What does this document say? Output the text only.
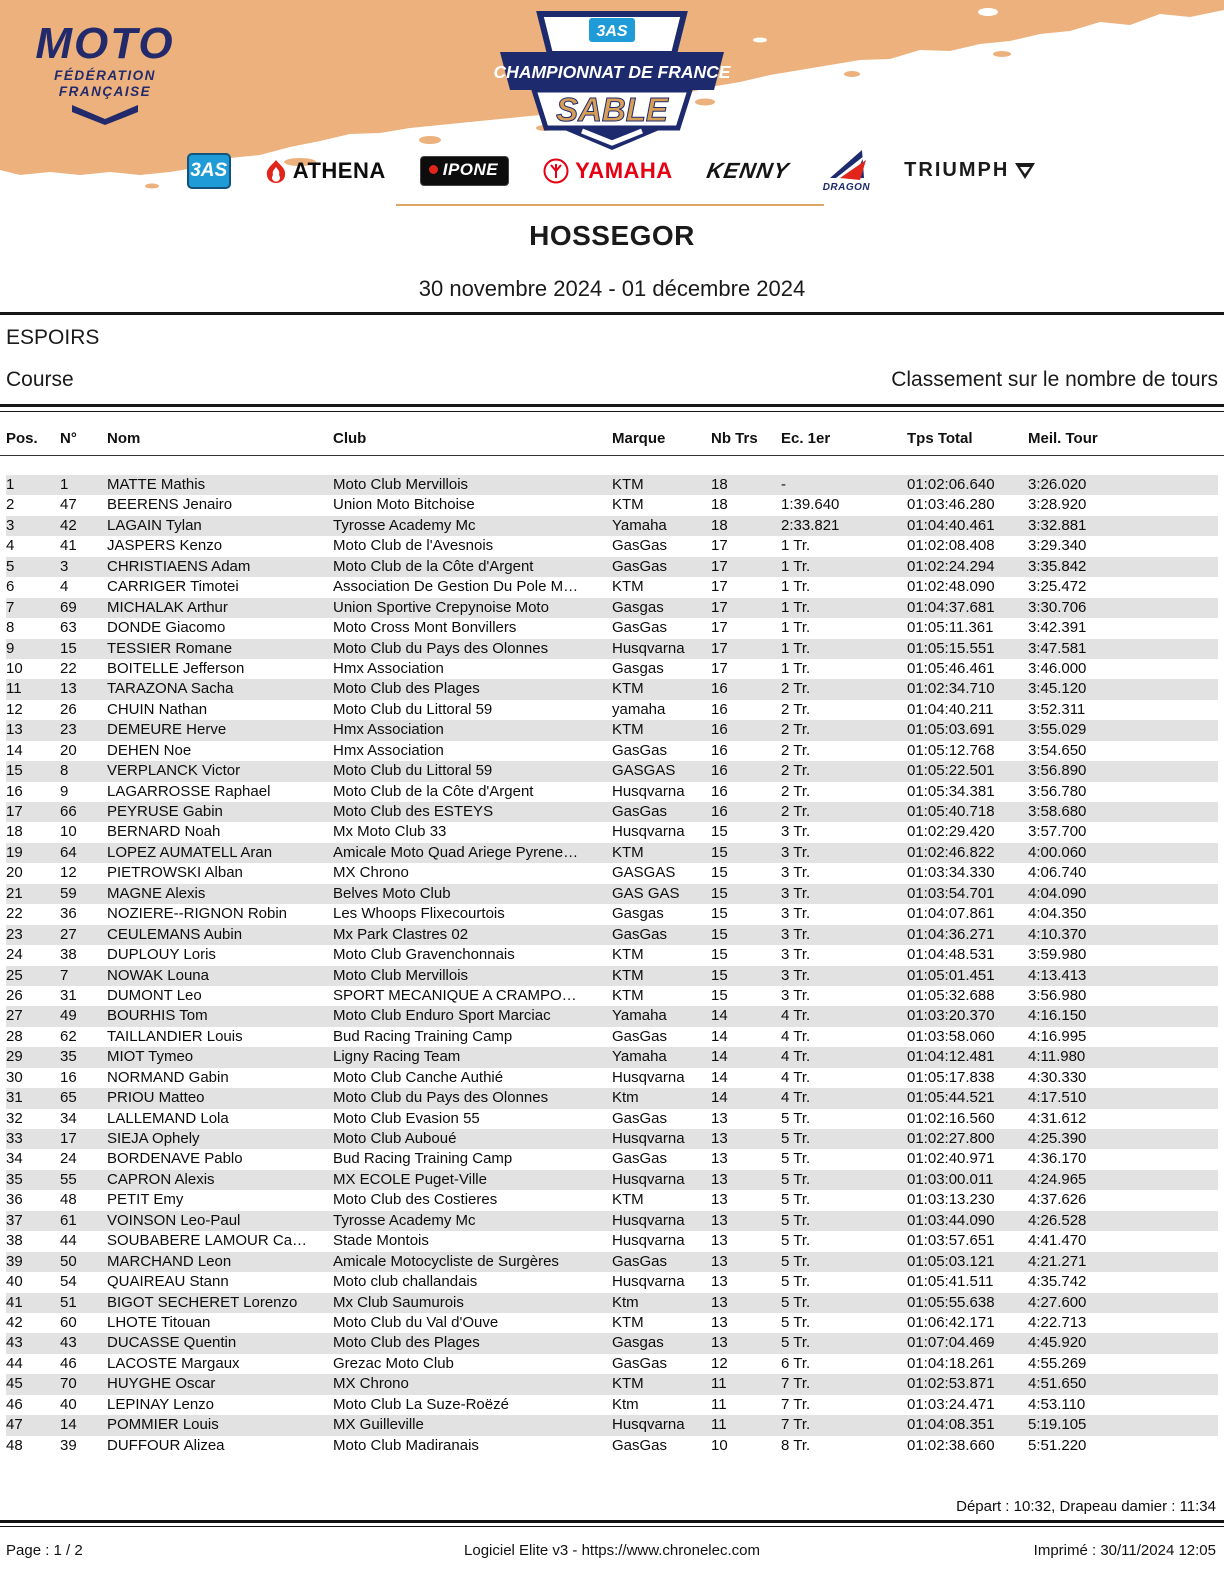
MOTO
FÉDÉRATION
FRANÇAISE
3AS
CHAMPIONNAT DE FRANCE
SABLE
3AS	ATHENA	IPONE	YAMAHA KENNY
DRAGON
TRIUMPH
HOSSEGOR
30 novembre 2024 - 01 décembre 2024
ESPOIRS
Course	Classement sur le nombre de tours
Pos.	N°	Nom	Club	Marque	Nb Trs	Ec. 1er	Tps Total	Meil. Tour
1	1	MATTE Mathis	Moto Club Mervillois	KTM	18	-	01:02:06.640	3:26.020
2	47	BEERENS Jenairo	Union Moto Bitchoise	KTM	18	1:39.640	01:03:46.280	3:28.920
3	42	LAGAIN Tylan	Tyrosse Academy Mc	Yamaha	18	2:33.821	01:04:40.461	3:32.881
4	41	JASPERS Kenzo	Moto Club de l'Avesnois	GasGas	17	1 Tr.	01:02:08.408	3:29.340
5	3	CHRISTIAENS Adam	Moto Club de la Côte d'Argent	GasGas	17	1 Tr.	01:02:24.294	3:35.842
6	4	CARRIGER Timotei	Association De Gestion Du Pole M…	KTM	17	1 Tr.	01:02:48.090	3:25.472
7	69	MICHALAK Arthur	Union Sportive Crepynoise Moto	Gasgas	17	1 Tr.	01:04:37.681	3:30.706
8	63	DONDE Giacomo	Moto Cross Mont Bonvillers	GasGas	17	1 Tr.	01:05:11.361	3:42.391
9	15	TESSIER Romane	Moto Club du Pays des Olonnes	Husqvarna	17	1 Tr.	01:05:15.551	3:47.581
10	22	BOITELLE Jefferson	Hmx Association	Gasgas	17	1 Tr.	01:05:46.461	3:46.000
11	13	TARAZONA Sacha	Moto Club des Plages	KTM	16	2 Tr.	01:02:34.710	3:45.120
12	26	CHUIN Nathan	Moto Club du Littoral 59	yamaha	16	2 Tr.	01:04:40.211	3:52.311
13	23	DEMEURE Herve	Hmx Association	KTM	16	2 Tr.	01:05:03.691	3:55.029
14	20	DEHEN Noe	Hmx Association	GasGas	16	2 Tr.	01:05:12.768	3:54.650
15	8	VERPLANCK Victor	Moto Club du Littoral 59	GASGAS	16	2 Tr.	01:05:22.501	3:56.890
16	9	LAGARROSSE Raphael	Moto Club de la Côte d'Argent	Husqvarna	16	2 Tr.	01:05:34.381	3:56.780
17	66	PEYRUSE Gabin	Moto Club des ESTEYS	GasGas	16	2 Tr.	01:05:40.718	3:58.680
18	10	BERNARD Noah	Mx Moto Club 33	Husqvarna	15	3 Tr.	01:02:29.420	3:57.700
19	64	LOPEZ AUMATELL Aran	Amicale Moto Quad Ariege Pyrene…	KTM	15	3 Tr.	01:02:46.822	4:00.060
20	12	PIETROWSKI Alban	MX Chrono	GASGAS	15	3 Tr.	01:03:34.330	4:06.740
21	59	MAGNE Alexis	Belves Moto Club	GAS GAS	15	3 Tr.	01:03:54.701	4:04.090
22	36	NOZIERE--RIGNON Robin	Les Whoops Flixecourtois	Gasgas	15	3 Tr.	01:04:07.861	4:04.350
23	27	CEULEMANS Aubin	Mx Park Clastres 02	GasGas	15	3 Tr.	01:04:36.271	4:10.370
24	38	DUPLOUY Loris	Moto Club Gravenchonnais	KTM	15	3 Tr.	01:04:48.531	3:59.980
25	7	NOWAK Louna	Moto Club Mervillois	KTM	15	3 Tr.	01:05:01.451	4:13.413
26	31	DUMONT Leo	SPORT MECANIQUE A CRAMPO…	KTM	15	3 Tr.	01:05:32.688	3:56.980
27	49	BOURHIS Tom	Moto Club Enduro Sport Marciac	Yamaha	14	4 Tr.	01:03:20.370	4:16.150
28	62	TAILLANDIER Louis	Bud Racing Training Camp	GasGas	14	4 Tr.	01:03:58.060	4:16.995
29	35	MIOT Tymeo	Ligny Racing Team	Yamaha	14	4 Tr.	01:04:12.481	4:11.980
30	16	NORMAND Gabin	Moto Club Canche Authié	Husqvarna	14	4 Tr.	01:05:17.838	4:30.330
31	65	PRIOU Matteo	Moto Club du Pays des Olonnes	Ktm	14	4 Tr.	01:05:44.521	4:17.510
32	34	LALLEMAND Lola	Moto Club Evasion 55	GasGas	13	5 Tr.	01:02:16.560	4:31.612
33	17	SIEJA Ophely	Moto Club Auboué	Husqvarna	13	5 Tr.	01:02:27.800	4:25.390
34	24	BORDENAVE Pablo	Bud Racing Training Camp	GasGas	13	5 Tr.	01:02:40.971	4:36.170
35	55	CAPRON Alexis	MX ECOLE Puget-Ville	Husqvarna	13	5 Tr.	01:03:00.011	4:24.965
36	48	PETIT Emy	Moto Club des Costieres	KTM	13	5 Tr.	01:03:13.230	4:37.626
37	61	VOINSON Leo-Paul	Tyrosse Academy Mc	Husqvarna	13	5 Tr.	01:03:44.090	4:26.528
38	44	SOUBABERE LAMOUR Ca…	Stade Montois	Husqvarna	13	5 Tr.	01:03:57.651	4:41.470
39	50	MARCHAND Leon	Amicale Motocycliste de Surgères	GasGas	13	5 Tr.	01:05:03.121	4:21.271
40	54	QUAIREAU Stann	Moto club challandais	Husqvarna	13	5 Tr.	01:05:41.511	4:35.742
41	51	BIGOT SECHERET Lorenzo	Mx Club Saumurois	Ktm	13	5 Tr.	01:05:55.638	4:27.600
42	60	LHOTE Titouan	Moto Club du Val d'Ouve	KTM	13	5 Tr.	01:06:42.171	4:22.713
43	43	DUCASSE Quentin	Moto Club des Plages	Gasgas	13	5 Tr.	01:07:04.469	4:45.920
44	46	LACOSTE Margaux	Grezac Moto Club	GasGas	12	6 Tr.	01:04:18.261	4:55.269
45	70	HUYGHE Oscar	MX Chrono	KTM	11	7 Tr.	01:02:53.871	4:51.650
46	40	LEPINAY Lenzo	Moto Club La Suze-Roëzé	Ktm	11	7 Tr.	01:03:24.471	4:53.110
47	14	POMMIER Louis	MX Guilleville	Husqvarna	11	7 Tr.	01:04:08.351	5:19.105
48	39	DUFFOUR Alizea	Moto Club Madiranais	GasGas	10	8 Tr.	01:02:38.660	5:51.220
Départ : 10:32, Drapeau damier : 11:34
Page : 1 / 2	Logiciel Elite v3 - https://www.chronelec.com	Imprimé : 30/11/2024 12:05
